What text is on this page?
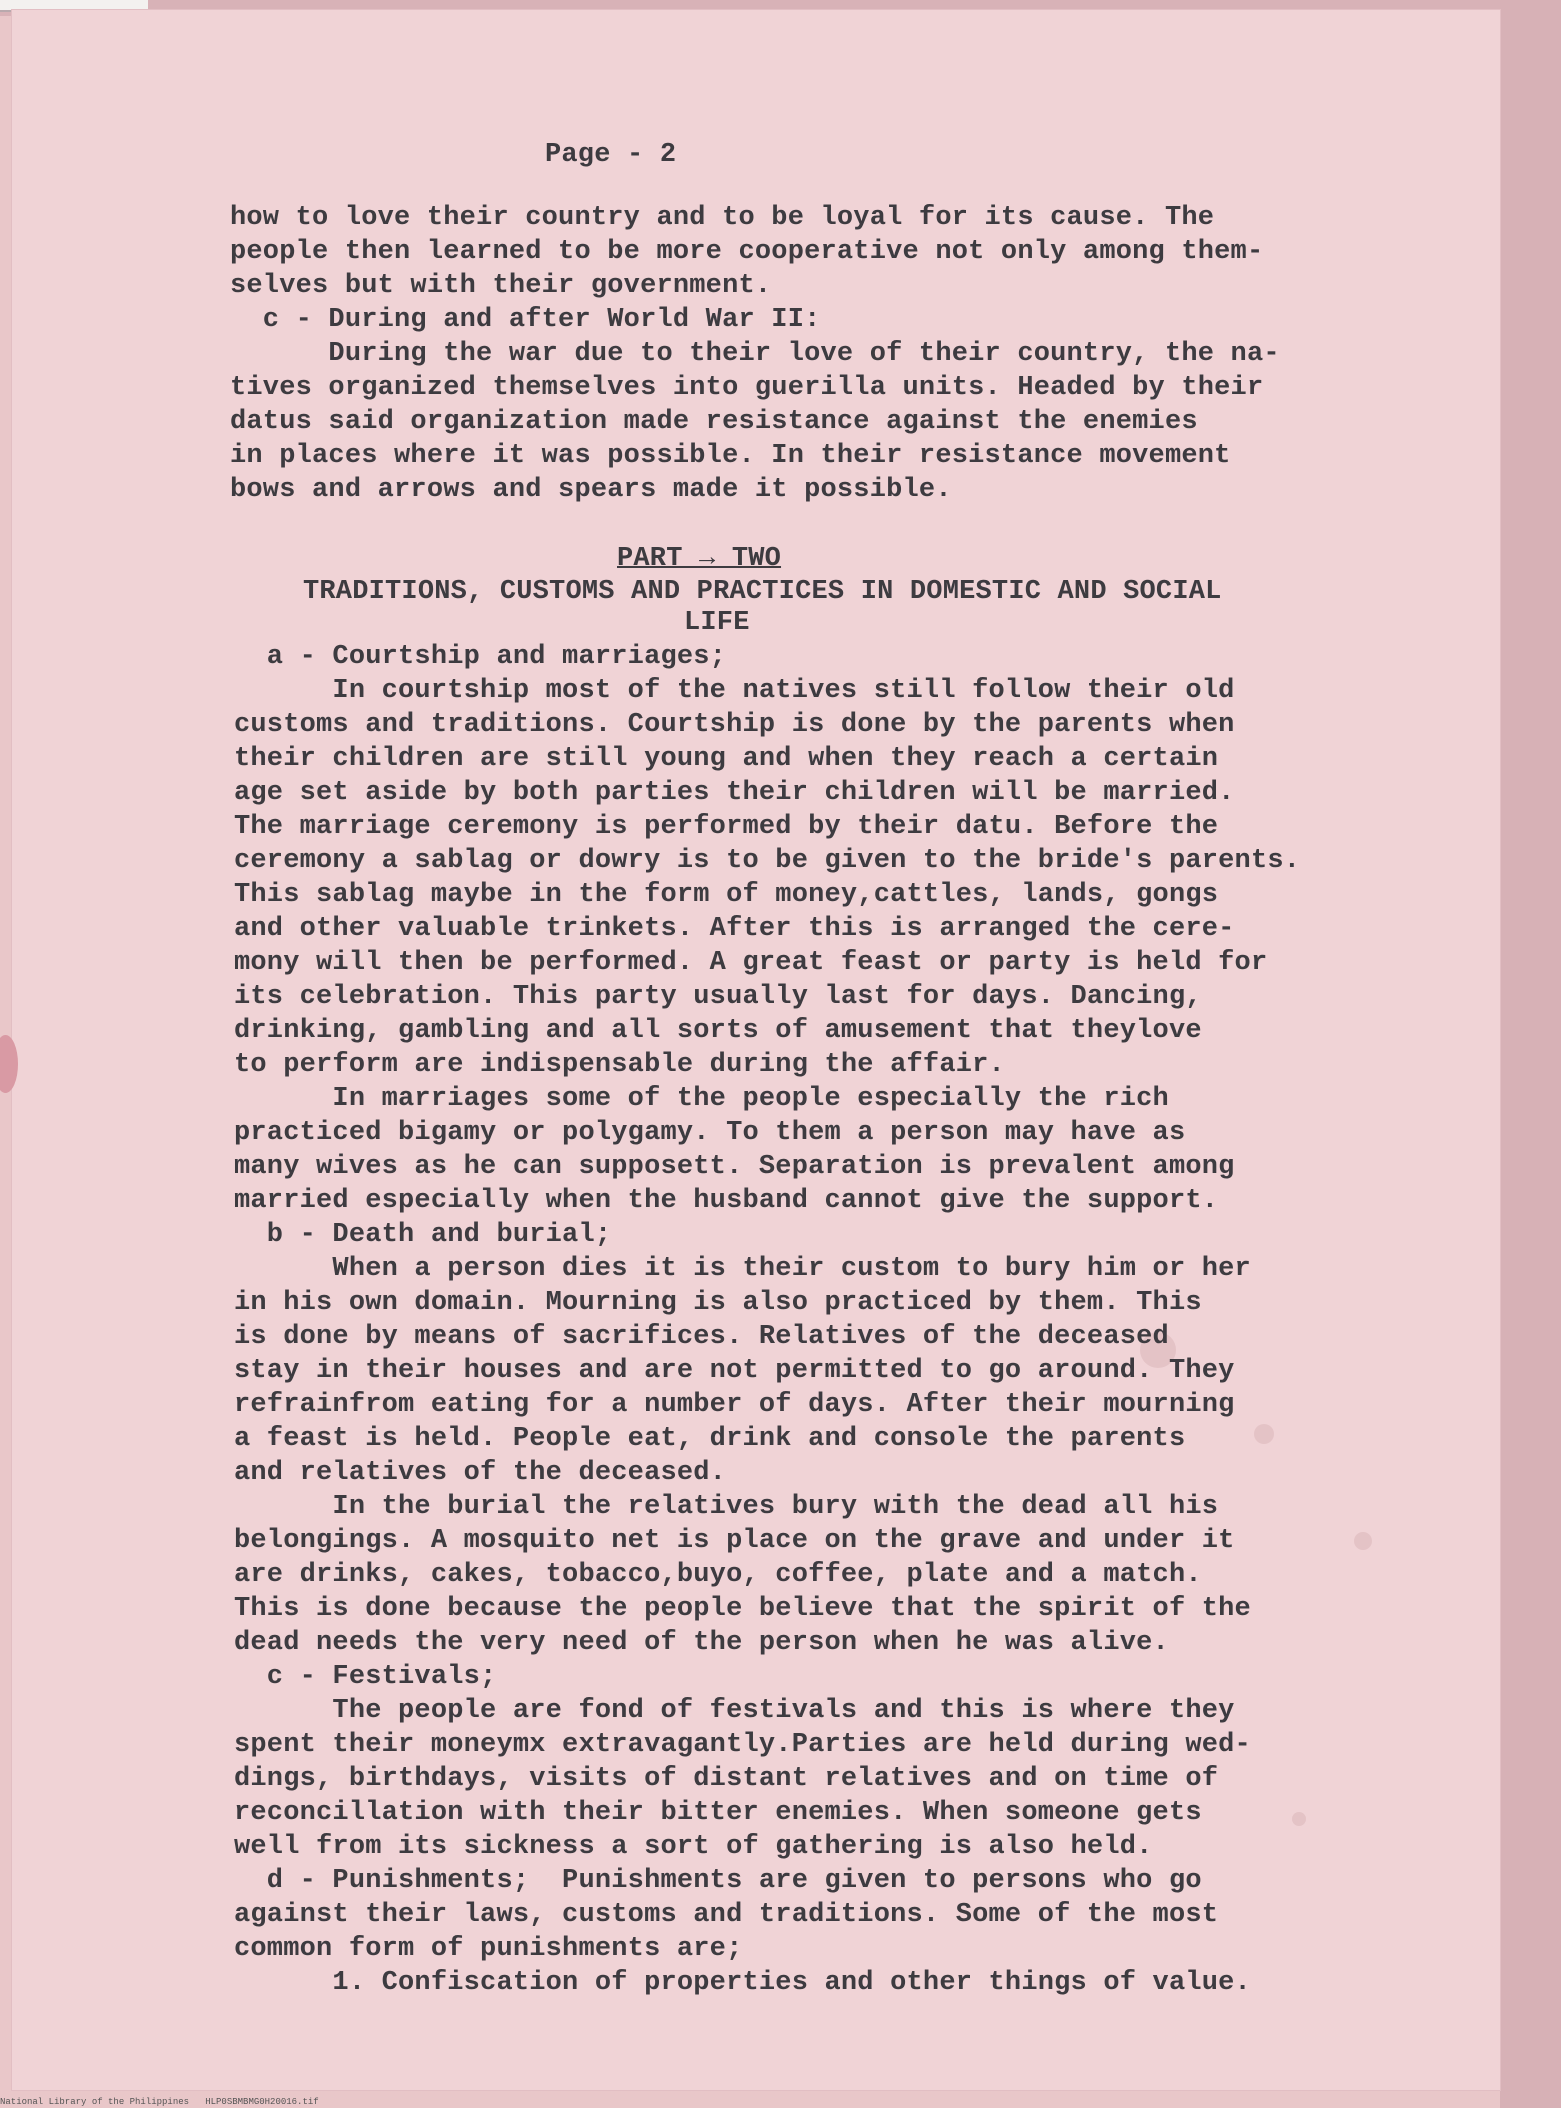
Page - 2
how to love their country and to be loyal for its cause. The
people then learned to be more cooperative not only among them-
selves but with their government.
c - During and after World War II:
During the war due to their love of their country, the na-
tives organized themselves into guerilla units. Headed by their
datus said organization made resistance against the enemies
in places where it was possible. In their resistance movement
bows and arrows and spears made it possible.
PART → TWO
TRADITIONS, CUSTOMS AND PRACTICES IN DOMESTIC AND SOCIAL
LIFE
a - Courtship and marriages;
In courtship most of the natives still follow their old
customs and traditions. Courtship is done by the parents when
their children are still young and when they reach a certain
age set aside by both parties their children will be married.
The marriage ceremony is performed by their datu. Before the
ceremony a sablag or dowry is to be given to the bride's parents.
This sablag maybe in the form of money,cattles, lands, gongs
and other valuable trinkets. After this is arranged the cere-
mony will then be performed. A great feast or party is held for
its celebration. This party usually last for days. Dancing,
drinking, gambling and all sorts of amusement that theylove
to perform are indispensable during the affair.
In marriages some of the people especially the rich
practiced bigamy or polygamy. To them a person may have as
many wives as he can supposett. Separation is prevalent among
married especially when the husband cannot give the support.
b - Death and burial;
When a person dies it is their custom to bury him or her
in his own domain. Mourning is also practiced by them. This
is done by means of sacrifices. Relatives of the deceased
stay in their houses and are not permitted to go around. They
refrainfrom eating for a number of days. After their mourning
a feast is held. People eat, drink and console the parents
and relatives of the deceased.
In the burial the relatives bury with the dead all his
belongings. A mosquito net is place on the grave and under it
are drinks, cakes, tobacco,buyo, coffee, plate and a match.
This is done because the people believe that the spirit of the
dead needs the very need of the person when he was alive.
c - Festivals;
The people are fond of festivals and this is where they
spent their moneymx extravagantly.Parties are held during wed-
dings, birthdays, visits of distant relatives and on time of
reconcillation with their bitter enemies. When someone gets
well from its sickness a sort of gathering is also held.
d - Punishments;  Punishments are given to persons who go
against their laws, customs and traditions. Some of the most
common form of punishments are;
1. Confiscation of properties and other things of value.
National Library of the Philippines   HLP0SBMBMG0H20016.tif
